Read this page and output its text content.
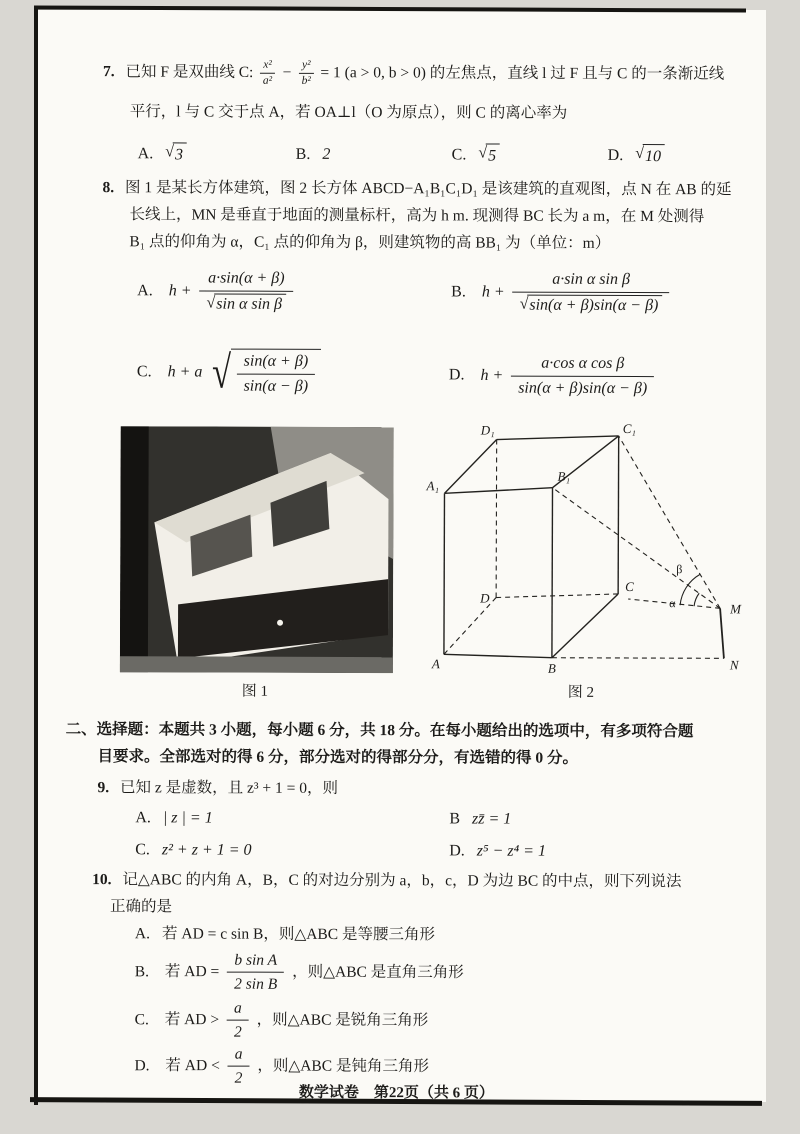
7. 已知 F 是双曲线 C: $\frac{\text{x²}}{\text{a²}} - \frac{\text{y²}}{\text{b²}} = 1$ (a > 0, b > 0) 的左焦点，直线 l 过 F 且与 C 的一条渐近线
平行，l 与 C 交于点 A，若 OA⊥l（O 为原点），则 C 的离心率为
A. √ 3	B. 2	C. √ 5	D. √ 10
8. 图 1 是某长方体建筑，图 2 长方体 ABCD−A₁B₁C₁D₁ 是该建筑的直观图，点 N 在 AB 的延
长线上，MN 是垂直于地面的测量标杆，高为 h m. 现测得 BC 长为 a m，在 M 处测得
B₁ 点的仰角为 α，C₁ 点的仰角为 β，则建筑物的高 BB₁ 为（单位：m）
A. $h + \frac{a\cdot\sin(\alpha + \beta)}{\text{√ sin α sin β}}$	B. $h + \frac{\text{a·sin α sin β}}{√ \sin(\alpha + \beta)\sin(\alpha - \beta)}$
C. h + a √ $\frac{\sin(\alpha + \beta)}{\sin(\alpha - \beta)}$	D. $h + \frac{\text{a·cos α cos β}}{\sin(\alpha + \beta)\sin(\alpha - \beta)}$
图 1
D₁	C₁
A₁
B₁
D
C
A	B
M
N
α
β
图 2
二、选择题：本题共 3 小题，每小题 6 分，共 18 分。在每小题给出的选项中，有多项符合题
目要求。全部选对的得 6 分，部分选对的得部分分，有选错的得 0 分。
9. 已知 z 是虚数，且 z³ + 1 = 0，则
A. | z | = 1	B zz̄ = 1
C. z² + z + 1 = 0	D. z⁵ − z⁴ = 1
10. 记△ABC 的内角 A，B，C 的对边分别为 a，b，c，D 为边 BC 的中点，则下列说法
正确的是
A. 若 AD = c sin B，则△ABC 是等腰三角形
B. 若 AD = $\frac{\text{b sin A}}{\text{2 sin B}}$ ，则△ABC 是直角三角形
C. 若 AD > $\frac{a}{2}$ ，则△ABC 是锐角三角形
D. 若 AD < $\frac{a}{2}$ ，则△ABC 是钝角三角形
数学试卷　第22页（共 6 页）
